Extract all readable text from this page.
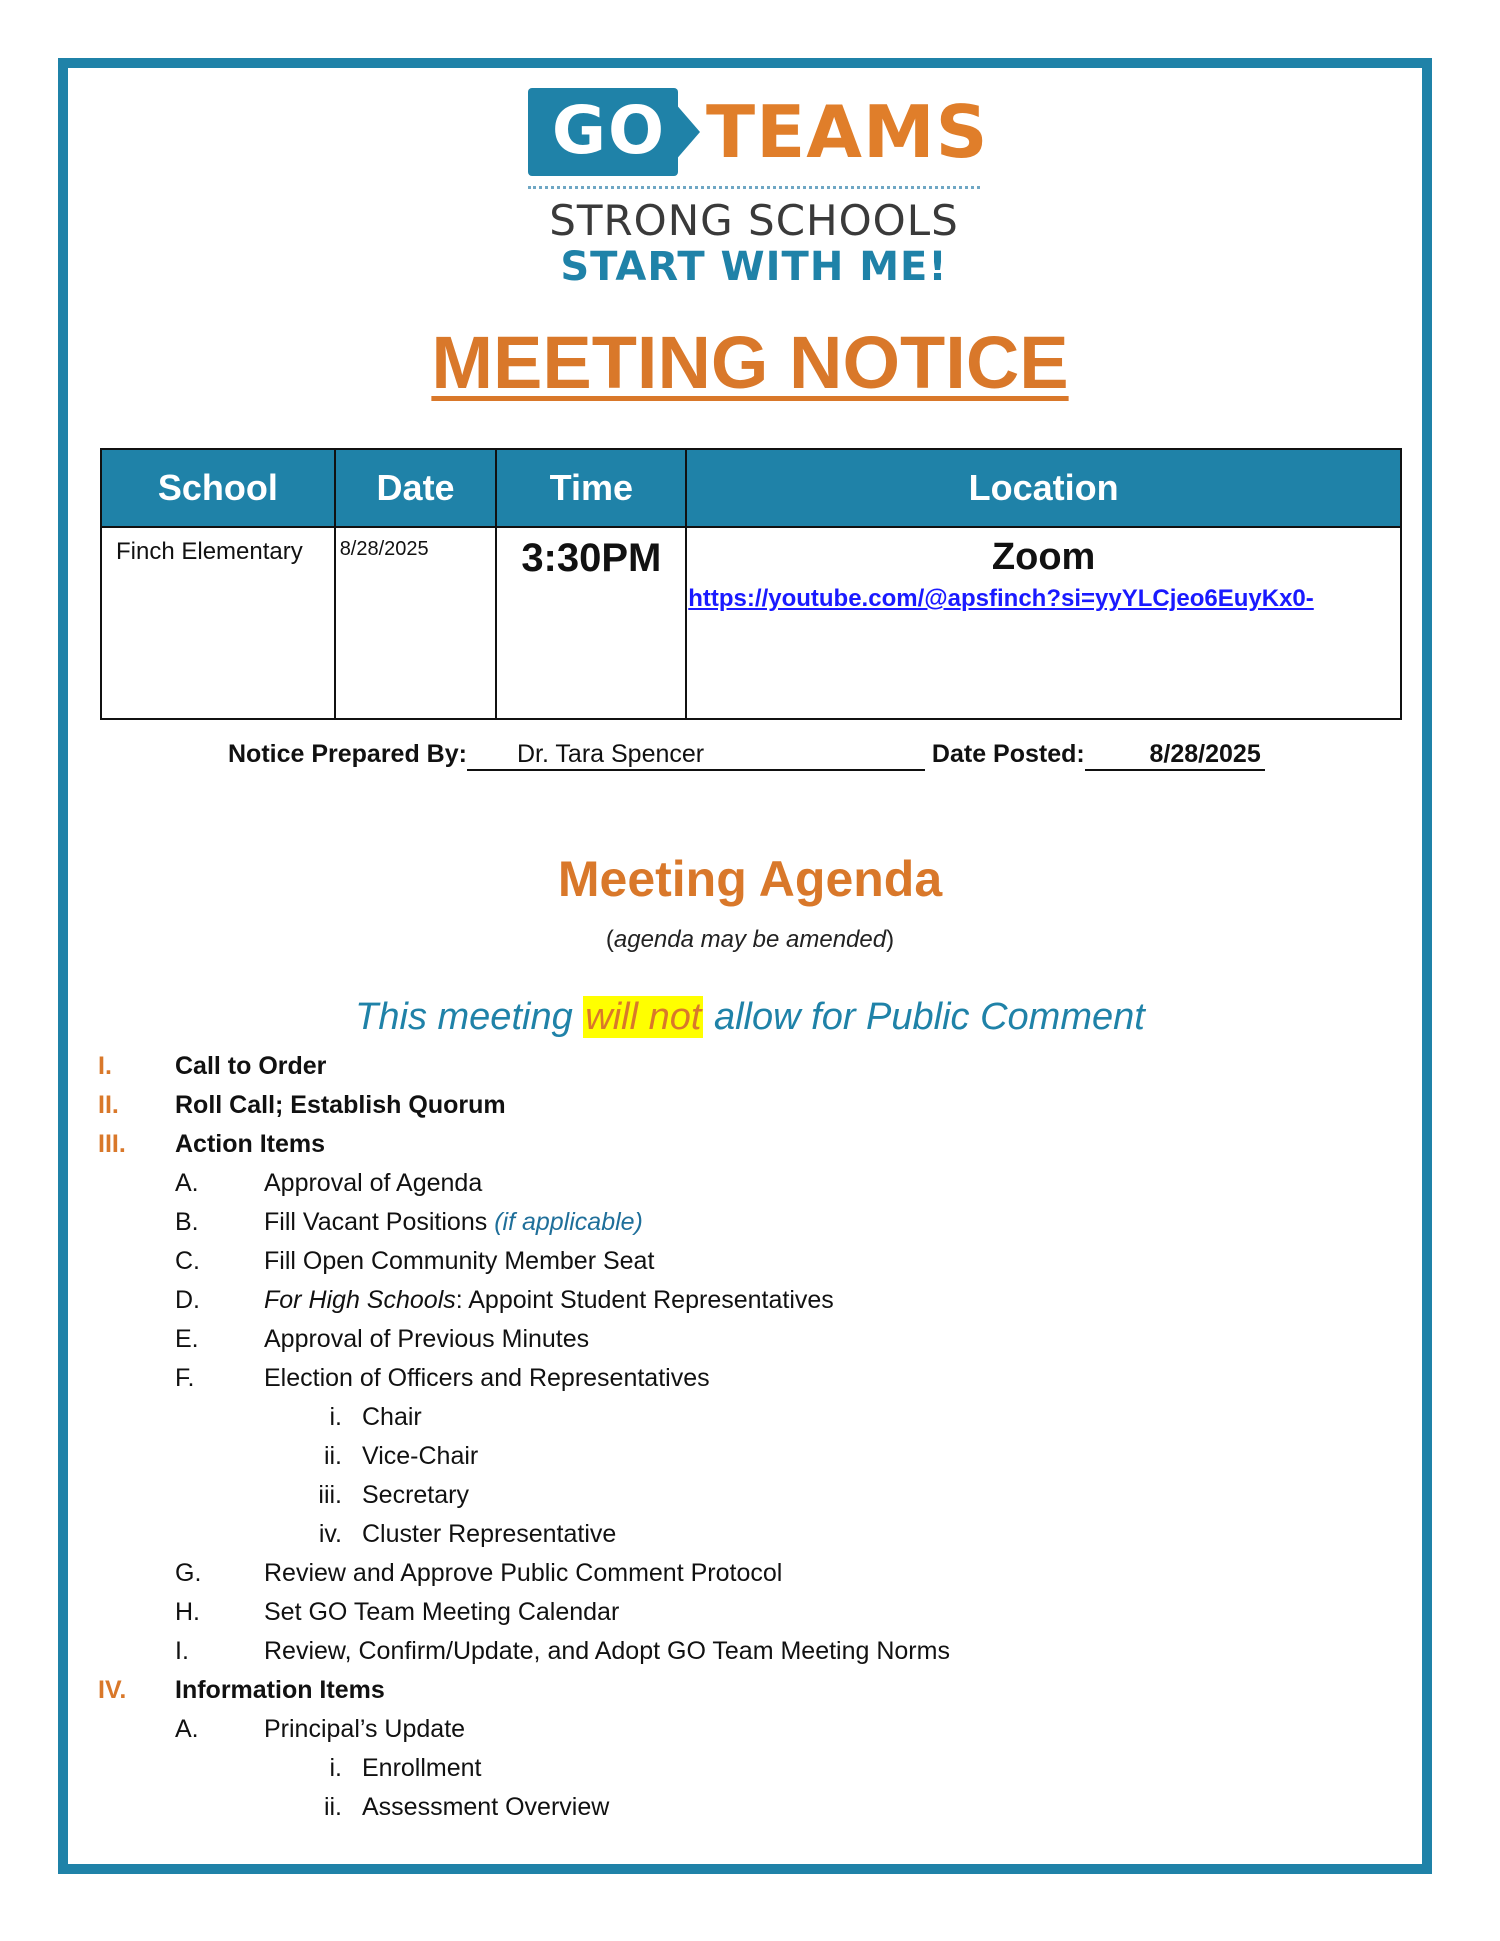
GO TEAMS
STRONG SCHOOLS
START WITH ME!
MEETING NOTICE
School	Date	Time	Location
Finch Elementary	8/28/2025	3:30PM	Zoom
https://youtube.com/@apsfinch?si=yyYLCjeo6EuyKx0-
Notice Prepared By: Dr. Tara Spencer	Date Posted:	8/28/2025
Meeting Agenda
(agenda may be amended)
This meeting will not allow for Public Comment
I.	Call to Order
II. Roll Call; Establish Quorum
III. Action Items
A.	Approval of Agenda
B.	Fill Vacant Positions (if applicable)
C.	Fill Open Community Member Seat
D.	For High Schools: Appoint Student Representatives
E.	Approval of Previous Minutes
F.	Election of Officers and Representatives
i. Chair
ii. Vice-Chair
iii. Secretary
iv. Cluster Representative
G.	Review and Approve Public Comment Protocol
H.	Set GO Team Meeting Calendar
I.	Review, Confirm/Update, and Adopt GO Team Meeting Norms
IV. Information Items
A.	Principal’s Update
i. Enrollment
ii. Assessment Overview
